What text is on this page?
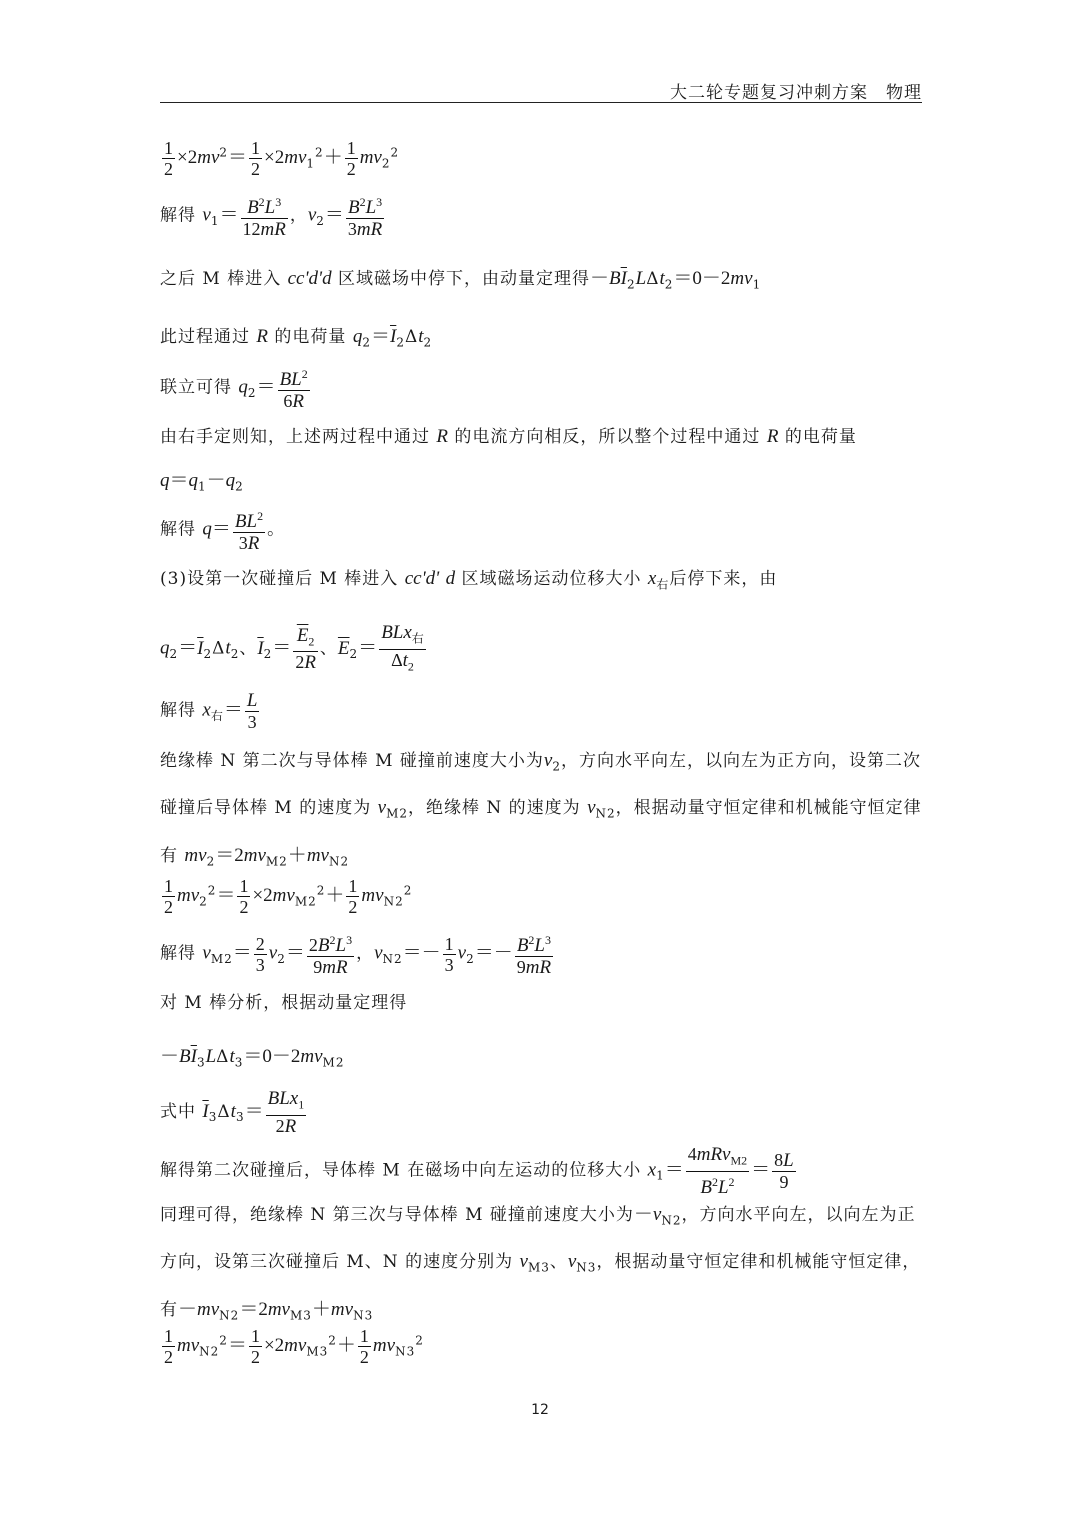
大二轮专题复习冲刺方案　物理
$\frac{1}{2} \times 2mv^2= \frac{1}{2} \times 2mv_1^2+ \frac{1}{2} mv_2^2$
解得 $v_1= \frac{B^2L^3}{12mR}$ ，$v_2= \frac{B^2L^3}{3mR}$
之后 M 棒进入 cc'd'd 区域磁场中停下，由动量定理得$-B\overline{I}_2L\Delta t_2=0-2mv_1$
此过程通过 R 的电荷量 $q_2=\overline{I}_2\Delta t_2$
联立可得 $q_2= \frac{BL^2}{6R}$
由右手定则知，上述两过程中通过 R 的电流方向相反，所以整个过程中通过 R 的电荷量
$q=q_1-q_2$
解得 $q= \frac{BL^2}{3R}$ 。
(3)设第一次碰撞后 M 棒进入 cc'd' d 区域磁场运动位移大小 $x_右$后停下来，由
$q_2=\overline{I}_2\Delta t_2$、$\overline{I}_2= \frac{\overline{E}_2}{2R}$ 、$\overline{E}_2= \frac{BLx_右}{\Delta t_2}$
解得 $x_右= \frac{L}{3}$
绝缘棒 N 第二次与导体棒 M 碰撞前速度大小为$v_2$，方向水平向左，以向左为正方向，设第二次碰撞后导体棒 M 的速度为 $v_{M2}$，绝缘棒 N 的速度为 $v_{N2}$，根据动量守恒定律和机械能守恒定律有 $mv_2=2mv_{M2}+mv_{N2}$
$\frac{1}{2} mv_2^2= \frac{1}{2} \times 2mv_{M2}^2+ \frac{1}{2} mv_{N2}^2$
解得 $v_{M2}= \frac{2}{3} v_2= \frac{2B^2L^3}{9mR}$ ，$v_{N2}=- \frac{1}{3} v_2=- \frac{B^2L^3}{9mR}$
对 M 棒分析，根据动量定理得
$-B\overline{I}_3L\Delta t_3=0-2mv_{M2}$
式中 $\overline{I}_3\Delta t_3= \frac{BLx_1}{2R}$
解得第二次碰撞后，导体棒 M 在磁场中向左运动的位移大小 $x_1= \frac{4mRv_{M2}}{B^2L^2} = \frac{8L}{9}$
同理可得，绝缘棒 N 第三次与导体棒 M 碰撞前速度大小为$-v_{N2}$，方向水平向左，以向左为正方向，设第三次碰撞后 M、N 的速度分别为 $v_{M3}$、$v_{N3}$，根据动量守恒定律和机械能守恒定律，有$-mv_{N2}=2mv_{M3}+mv_{N3}$
$\frac{1}{2} mv_{N2}^2= \frac{1}{2} \times 2mv_{M3}^2+ \frac{1}{2} mv_{N3}^2$
12
